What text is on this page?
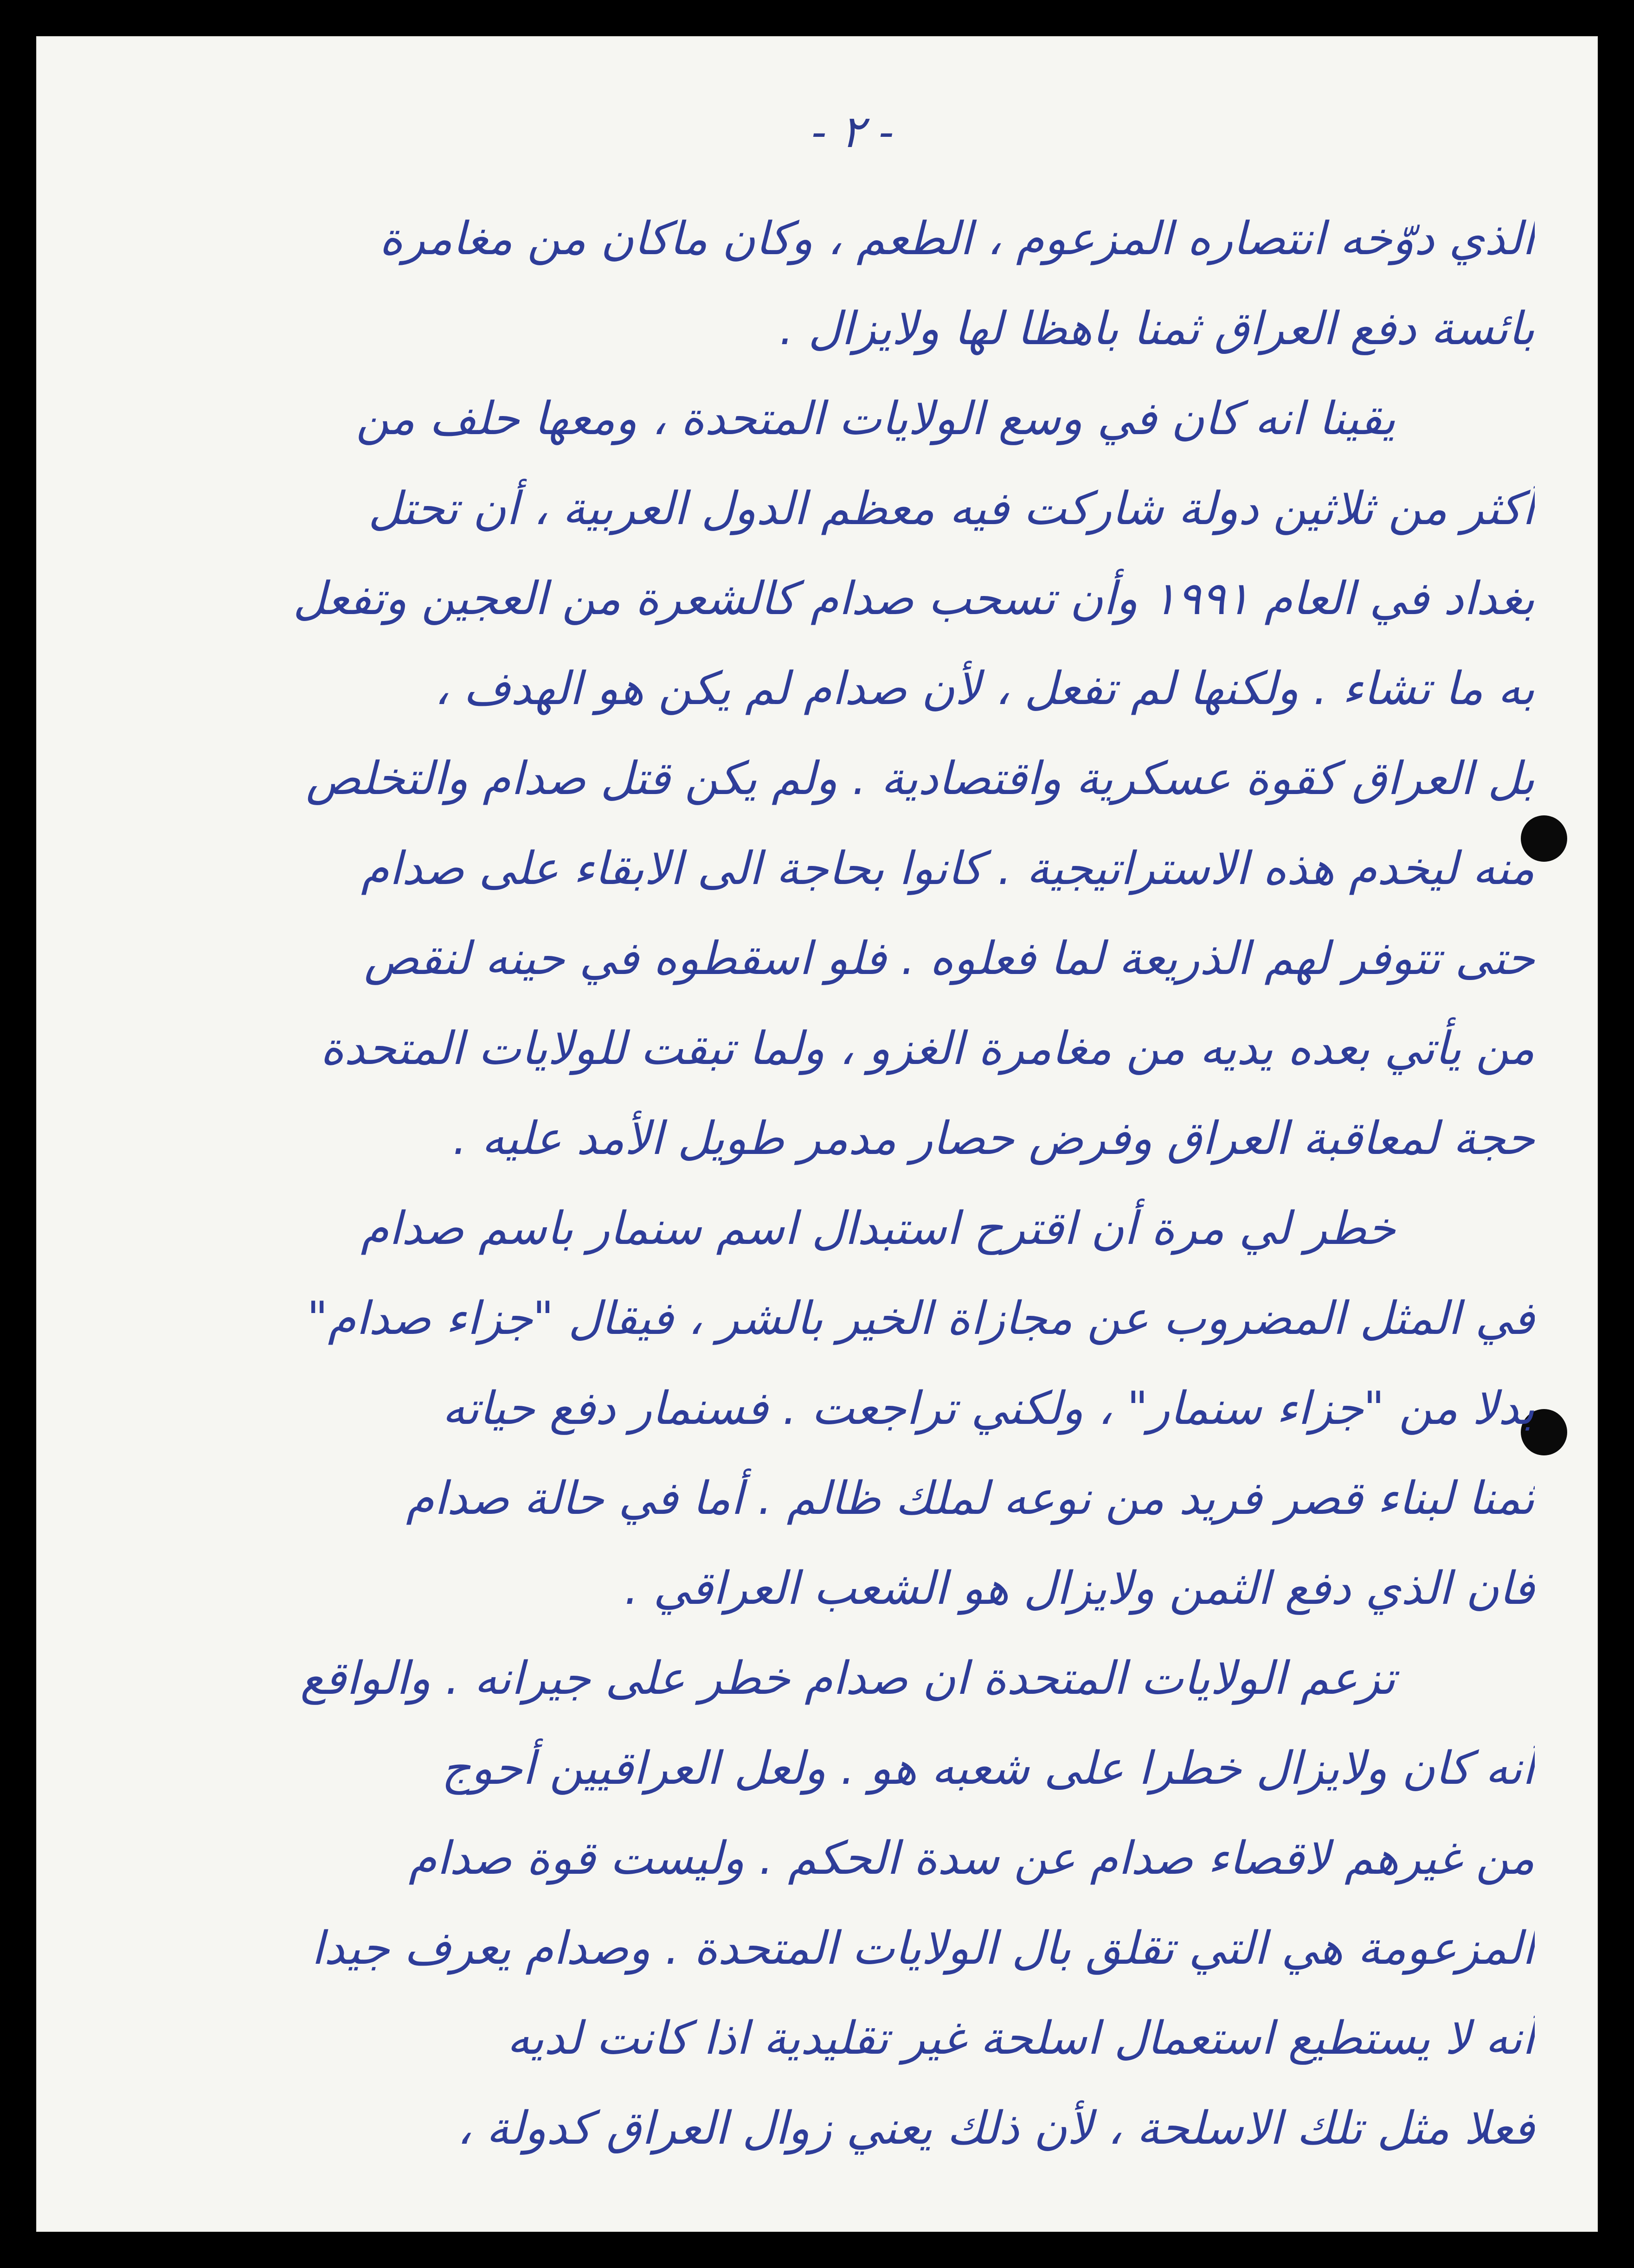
- ٢ -
الذي دوّخه انتصاره المزعوم ، الطعم ، وكان ماكان من مغامرة
بائسة دفع العراق ثمنا باهظا لها ولايزال .
يقينا انه كان في وسع الولايات المتحدة ، ومعها حلف من
أكثر من ثلاثين دولة شاركت فيه معظم الدول العربية ، أن تحتل
بغداد في العام ١٩٩١ وأن تسحب صدام كالشعرة من العجين وتفعل
به ما تشاء . ولكنها لم تفعل ، لأن صدام لم يكن هو الهدف ،
بل العراق كقوة عسكرية واقتصادية . ولم يكن قتل صدام والتخلص
منه ليخدم هذه الاستراتيجية . كانوا بحاجة الى الابقاء على صدام
حتى تتوفر لهم الذريعة لما فعلوه . فلو اسقطوه في حينه لنقص
من يأتي بعده يديه من مغامرة الغزو ، ولما تبقت للولايات المتحدة
حجة لمعاقبة العراق وفرض حصار مدمر طويل الأمد عليه .
خطر لي مرة أن اقترح استبدال اسم سنمار باسم صدام
في المثل المضروب عن مجازاة الخير بالشر ، فيقال "جزاء صدام"
بدلا من "جزاء سنمار" ، ولكني تراجعت . فسنمار دفع حياته
ثمنا لبناء قصر فريد من نوعه لملك ظالم . أما في حالة صدام
فان الذي دفع الثمن ولايزال هو الشعب العراقي .
تزعم الولايات المتحدة ان صدام خطر على جيرانه . والواقع
أنه كان ولايزال خطرا على شعبه هو . ولعل العراقيين أحوج
من غيرهم لاقصاء صدام عن سدة الحكم . وليست قوة صدام
المزعومة هي التي تقلق بال الولايات المتحدة . وصدام يعرف جيدا
أنه لا يستطيع استعمال اسلحة غير تقليدية اذا كانت لديه
فعلا مثل تلك الاسلحة ، لأن ذلك يعني زوال العراق كدولة ،
